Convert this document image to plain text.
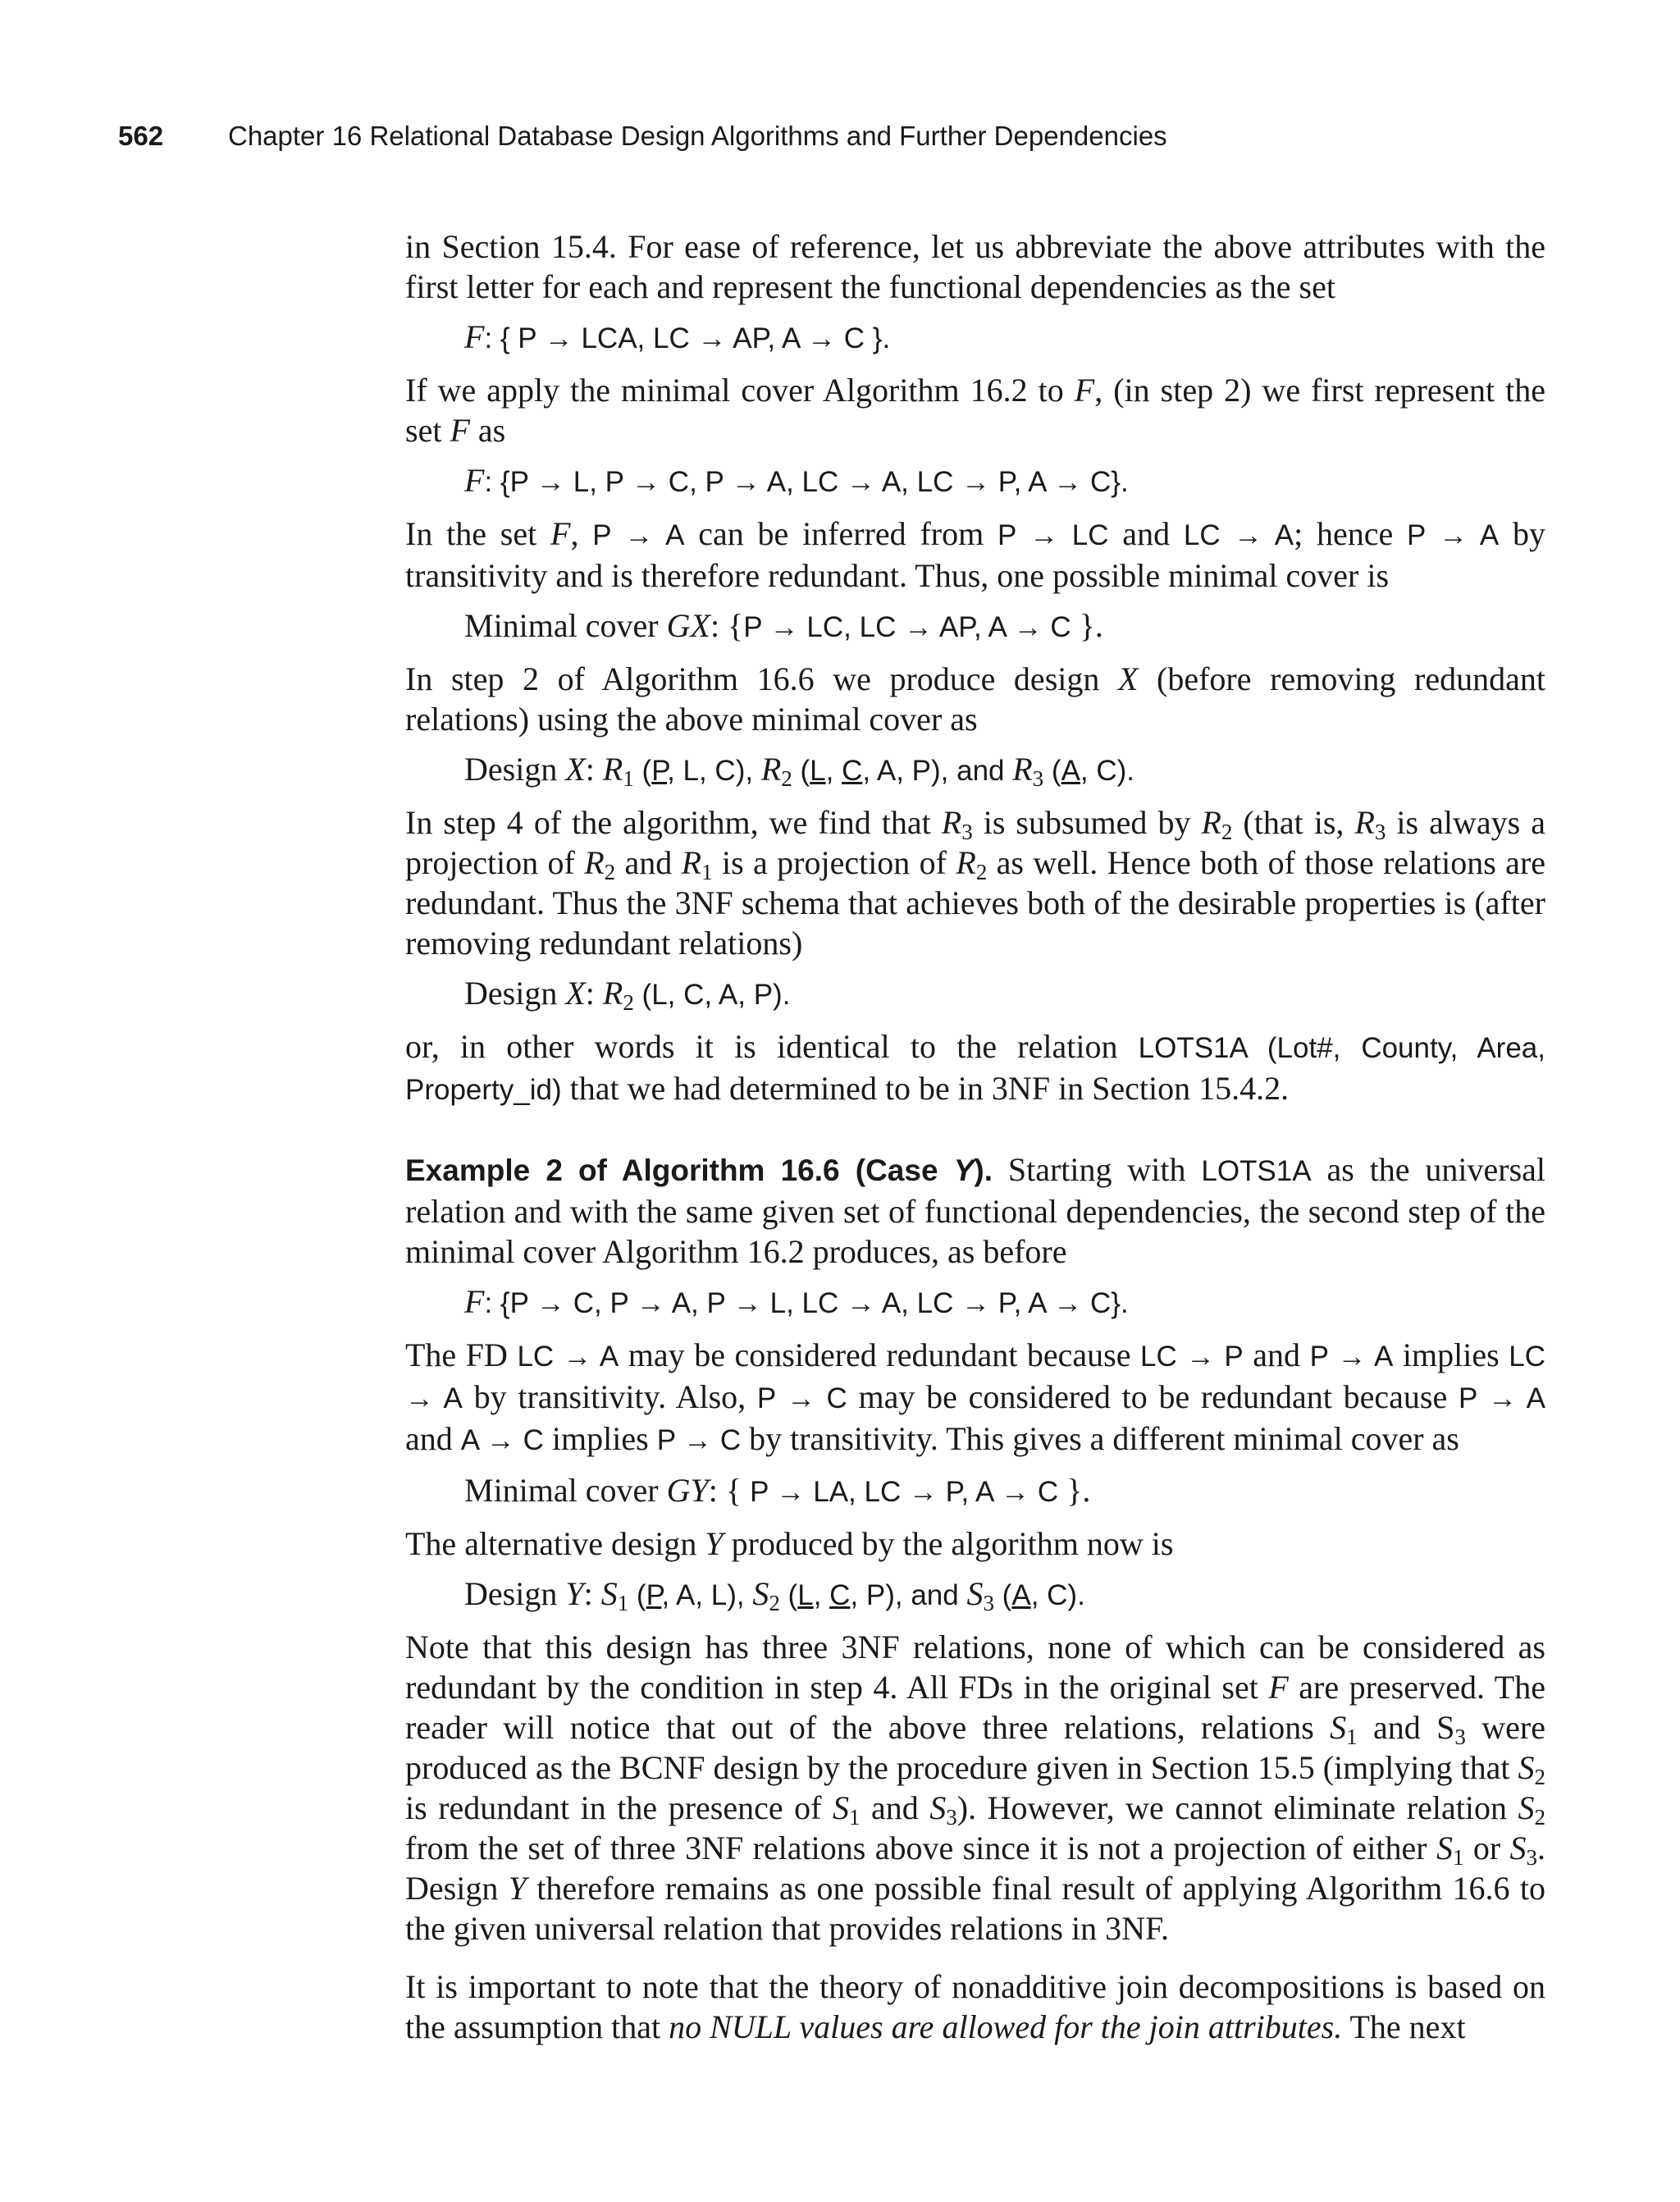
562 Chapter 16 Relational Database Design Algorithms and Further Dependencies

in Section 15.4. For ease of reference, let us abbreviate the above attributes with the first letter for each and represent the functional dependencies as the set

F: { P → LCA, LC → AP, A → C }.

If we apply the minimal cover Algorithm 16.2 to F, (in step 2) we first represent the set F as

F: {P → L, P → C, P → A, LC → A, LC → P, A → C}.

In the set F, P → A can be inferred from P → LC and LC → A; hence P → A by transitivity and is therefore redundant. Thus, one possible minimal cover is

Minimal cover GX: {P → LC, LC → AP, A → C }.

In step 2 of Algorithm 16.6 we produce design X (before removing redundant relations) using the above minimal cover as

Design X: $R_1$ (P, L, C), $R_2$ (L, C, A, P), and $R_3$ (A, C).

In step 4 of the algorithm, we find that $R_3$ is subsumed by $R_2$ (that is, $R_3$ is always a projection of $R_2$ and $R_1$ is a projection of $R_2$ as well. Hence both of those relations are redundant. Thus the 3NF schema that achieves both of the desirable properties is (after removing redundant relations)

Design X: $R_2$ (L, C, A, P).

or, in other words it is identical to the relation LOTS1A (Lot#, County, Area, Property_id) that we had determined to be in 3NF in Section 15.4.2.

Example 2 of Algorithm 16.6 (Case Y). Starting with LOTS1A as the universal relation and with the same given set of functional dependencies, the second step of the minimal cover Algorithm 16.2 produces, as before

F: {P → C, P → A, P → L, LC → A, LC → P, A → C}.

The FD LC → A may be considered redundant because LC → P and P → A implies LC → A by transitivity. Also, P → C may be considered to be redundant because P → A and A → C implies P → C by transitivity. This gives a different minimal cover as

Minimal cover GY: { P → LA, LC → P, A → C }.

The alternative design Y produced by the algorithm now is

Design Y: $S_1$ (P, A, L), $S_2$ (L, C, P), and $S_3$ (A, C).

Note that this design has three 3NF relations, none of which can be considered as redundant by the condition in step 4. All FDs in the original set F are preserved. The reader will notice that out of the above three relations, relations $S_1$ and $S_3$ were produced as the BCNF design by the procedure given in Section 15.5 (implying that $S_2$ is redundant in the presence of $S_1$ and $S_3$). However, we cannot eliminate relation $S_2$ from the set of three 3NF relations above since it is not a projection of either $S_1$ or $S_3$. Design Y therefore remains as one possible final result of applying Algorithm 16.6 to the given universal relation that provides relations in 3NF.

It is important to note that the theory of nonadditive join decompositions is based on the assumption that no NULL values are allowed for the join attributes. The next
